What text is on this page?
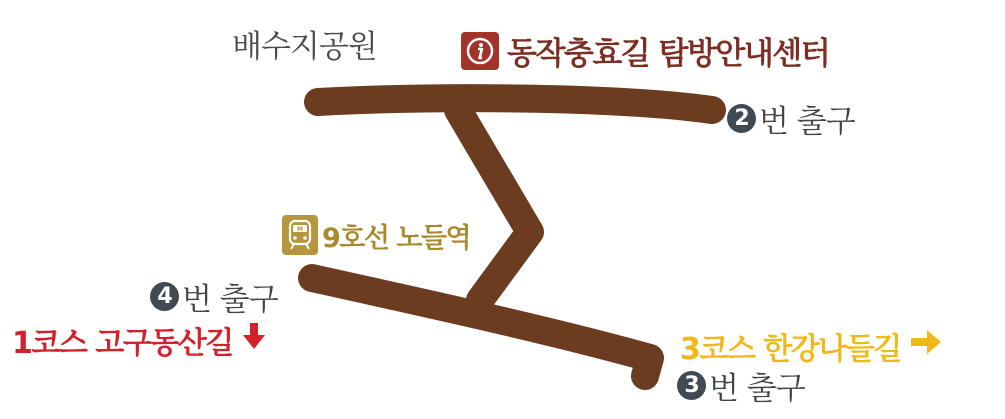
배수지공원	동작충효길 탐방안내센터
2 번 출구
M 9호선 노들역
4 번 출구
1코스 고구동산길	3코스 한강나들길
3 번 출구
